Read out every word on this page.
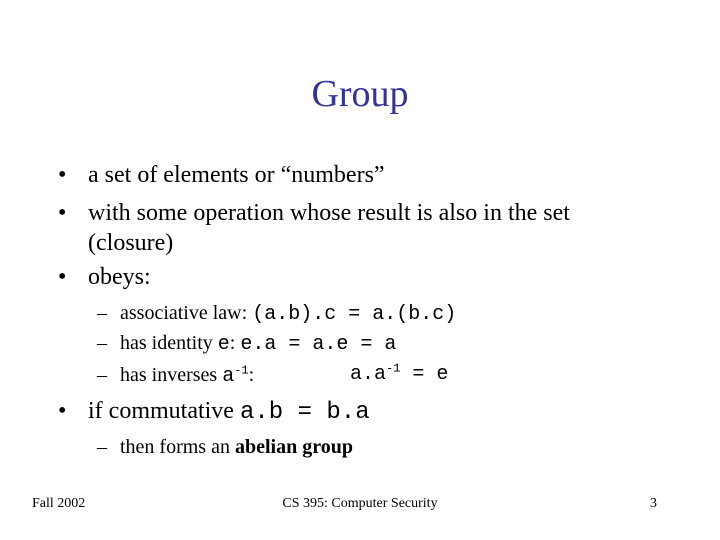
Group
• a set of elements or “numbers”
• with some operation whose result is also in the set
(closure)
• obeys:
– associative law: (a.b).c = a.(b.c)
– has identity e: e.a = a.e = a
– has inverses $a^{-1}$:	$a.a^{-1} = e$
• if commutative a.b = b.a
– then forms an abelian group
Fall 2002	CS 395: Computer Security	3
